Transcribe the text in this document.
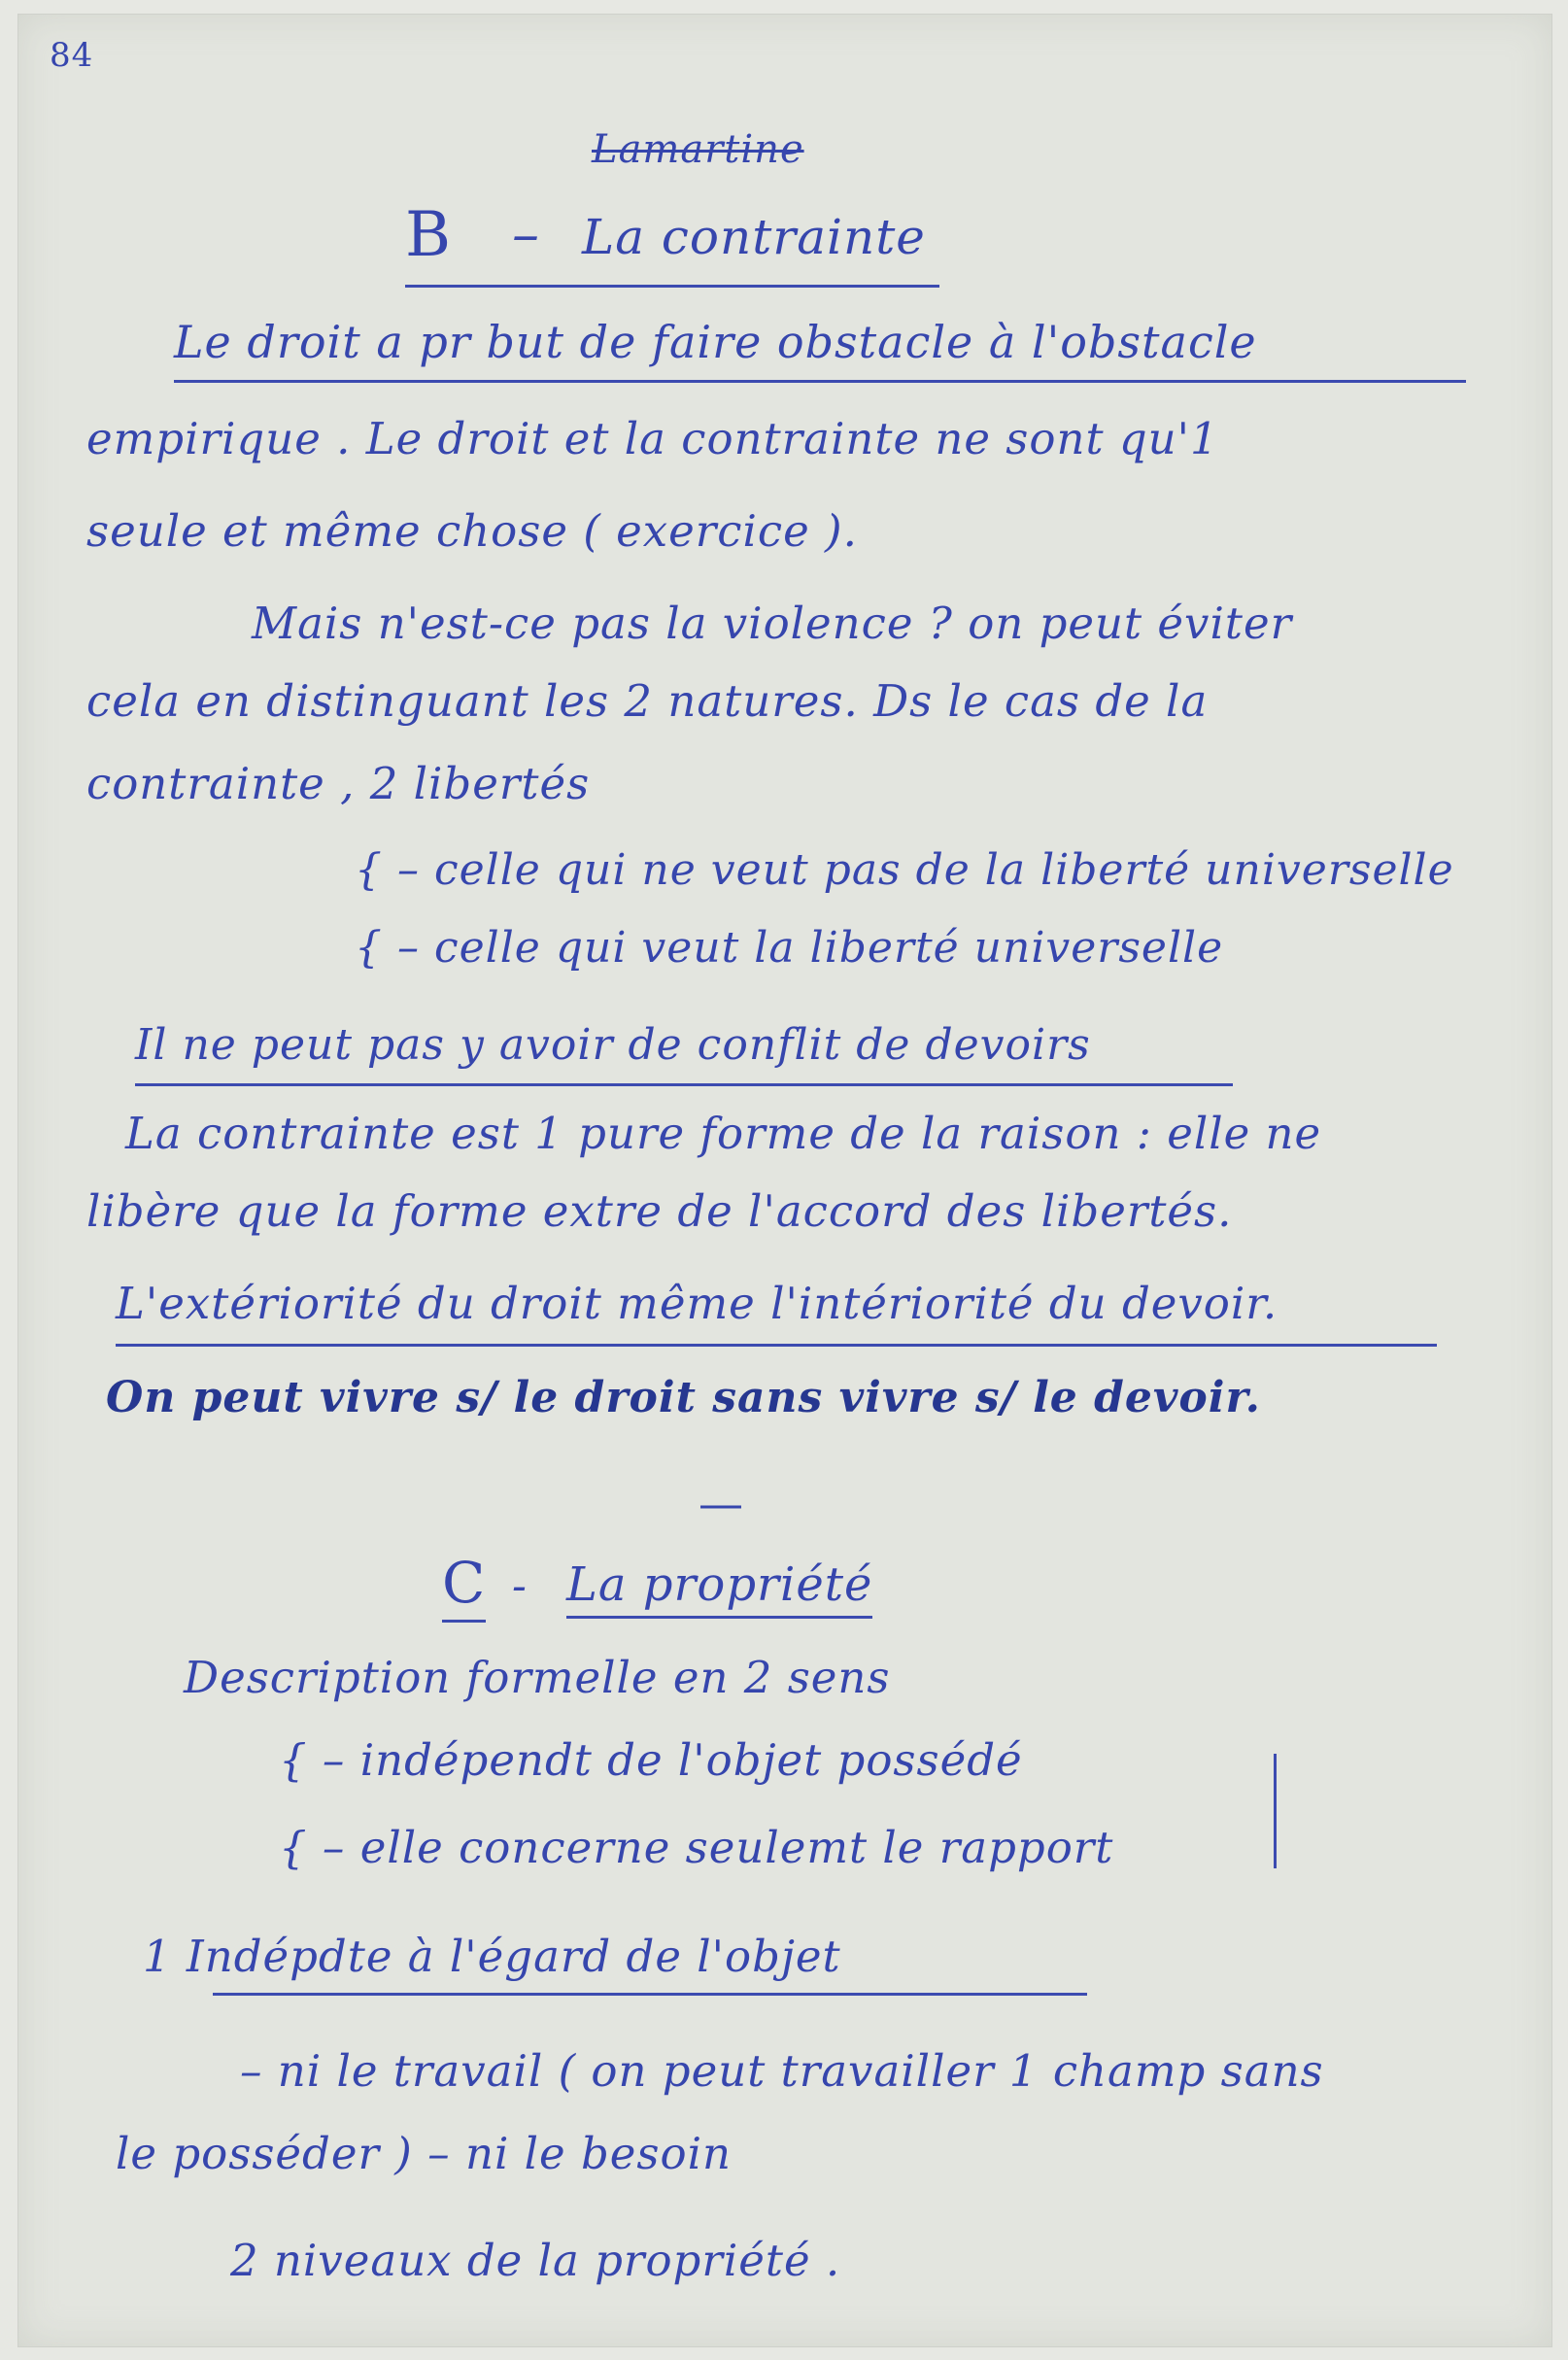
84
Lamartine
B – La contrainte
Le droit a pr but de faire obstacle à l'obstacle
empirique . Le droit et la contrainte ne sont qu'1
seule et même chose ( exercice ).
Mais n'est-ce pas la violence ? on peut éviter
cela en distinguant les 2 natures. Ds le cas de la
contrainte , 2 libertés
{ – celle qui ne veut pas de la liberté universelle
{ – celle qui veut la liberté universelle
Il ne peut pas y avoir de conflit de devoirs
La contrainte est 1 pure forme de la raison : elle ne
libère que la forme extre de l'accord des libertés.
L'extériorité du droit même l'intériorité du devoir.
On peut vivre s/ le droit sans vivre s/ le devoir.
—
C - La propriété
Description formelle en 2 sens
{ – indépendt de l'objet possédé
{ – elle concerne seulemt le rapport
1 Indépdte à l'égard de l'objet
– ni le travail ( on peut travailler 1 champ sans
le posséder ) – ni le besoin
2 niveaux de la propriété .
